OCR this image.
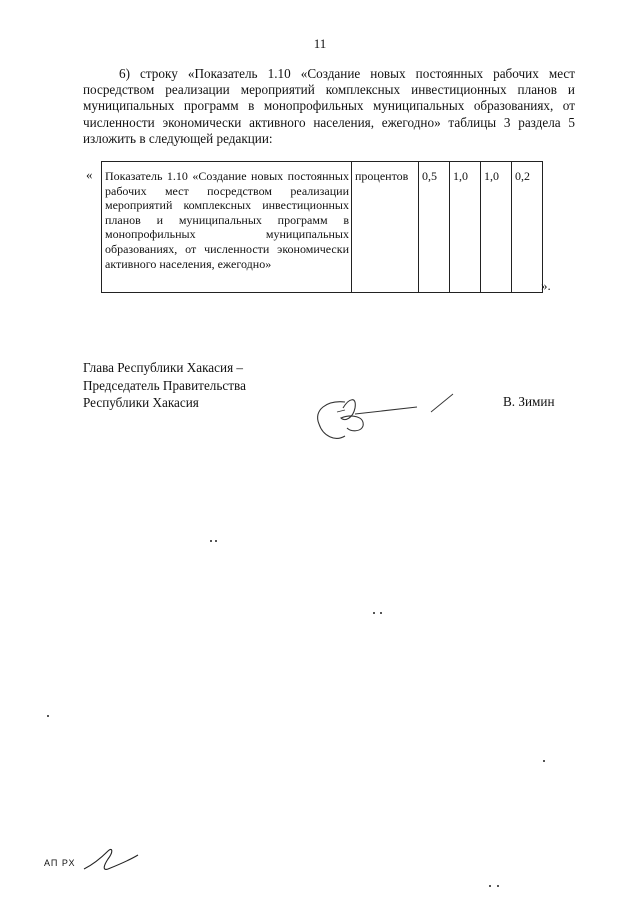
11
6) строку «Показатель 1.10 «Создание новых постоянных рабочих мест посредством реализации мероприятий комплексных инвестиционных планов и муниципальных программ в монопрофильных муниципальных образованиях, от численности экономически активного населения, ежегодно» таблицы 3 раздела 5 изложить в следующей редакции:
« Показатель 1.10 «Создание новых постоянных рабочих мест посредством реализации мероприятий комплексных инвестиционных планов и муниципальных программ в монопрофильных муниципальных образованиях, от численности экономически активного населения, ежегодно»	процентов	0,5	1,0	1,0	0,2
».
Глава Республики Хакасия –
Председатель Правительства
Республики Хакасия	В. Зимин
АП РХ
